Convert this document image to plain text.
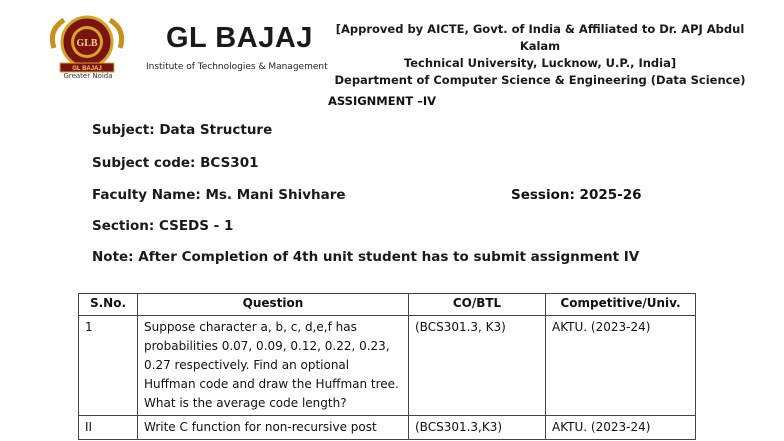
GLB
GL BAJAJ
Greater Noida
GL BAJAJ
Institute of Technologies & Management
[Approved by AICTE, Govt. of India & Affiliated to Dr. APJ Abdul Kalam
Technical University, Lucknow, U.P., India]
Department of Computer Science & Engineering (Data Science)
ASSIGNMENT –IV
Subject: Data Structure
Subject code: BCS301
Faculty Name: Ms. Mani Shivhare	Session: 2025-26
Section: CSEDS - 1
Note: After Completion of 4th unit student has to submit assignment IV
S.No.	Question	CO/BTL	Competitive/Univ.
1	Suppose character a, b, c, d,e,f has probabilities 0.07, 0.09, 0.12, 0.22, 0.23, 0.27 respectively. Find an optional Huffman code and draw the Huffman tree. What is the average code length?	(BCS301.3, K3)	AKTU. (2023-24)
II	Write C function for non-recursive post	(BCS301.3,K3)	AKTU. (2023-24)
